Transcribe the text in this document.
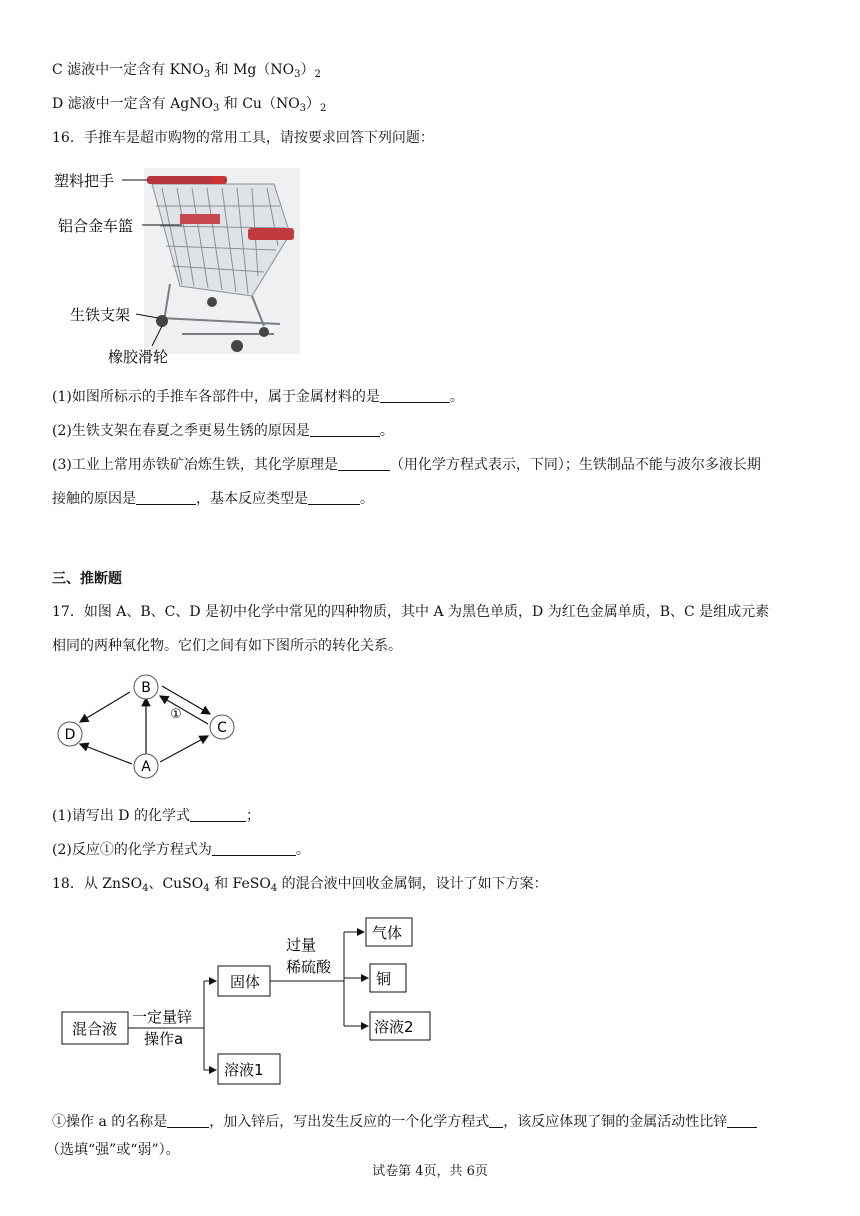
C 滤液中一定含有 $KNO_3$ 和 $Mg(NO_3)_2$
D 滤液中一定含有 AgNO$_3$ 和 $Cu(NO_3)_2$
16．手推车是超市购物的常用工具，请按要求回答下列问题：
塑料把手
铝合金车篮
生铁支架
橡胶滑轮
(1)如图所标示的手推车各部件中，属于金属材料的是	。
(2)生铁支架在春夏之季更易生锈的原因是	。
(3)工业上常用赤铁矿冶炼生铁，其化学原理是	（用化学方程式表示，下同）；生铁制品不能与波尔多液长期
接触的原因是	，基本反应类型是	。
三、推断题
17．如图 A、B、C、D 是初中化学中常见的四种物质，其中 A 为黑色单质，D 为红色金属单质，B、C 是组成元素
相同的两种氧化物。它们之间有如下图所示的转化关系。
B
C
D
A
①
(1)请写出 D 的化学式	；
(2)反应①的化学方程式为	。
18．从 ZnSO$_4$、CuSO$_4$ 和 FeSO$_4$ 的混合液中回收金属铜，设计了如下方案：
混合液
固体
气体
铜
溶液2
溶液1
一定量锌
操作a
过量
稀硫酸
①操作 a 的名称是	，加入锌后，写出发生反应的一个化学方程式 ，该反应体现了铜的金属活动性比锌
（选填“强”或“弱”）。
试卷第 4页，共 6页
